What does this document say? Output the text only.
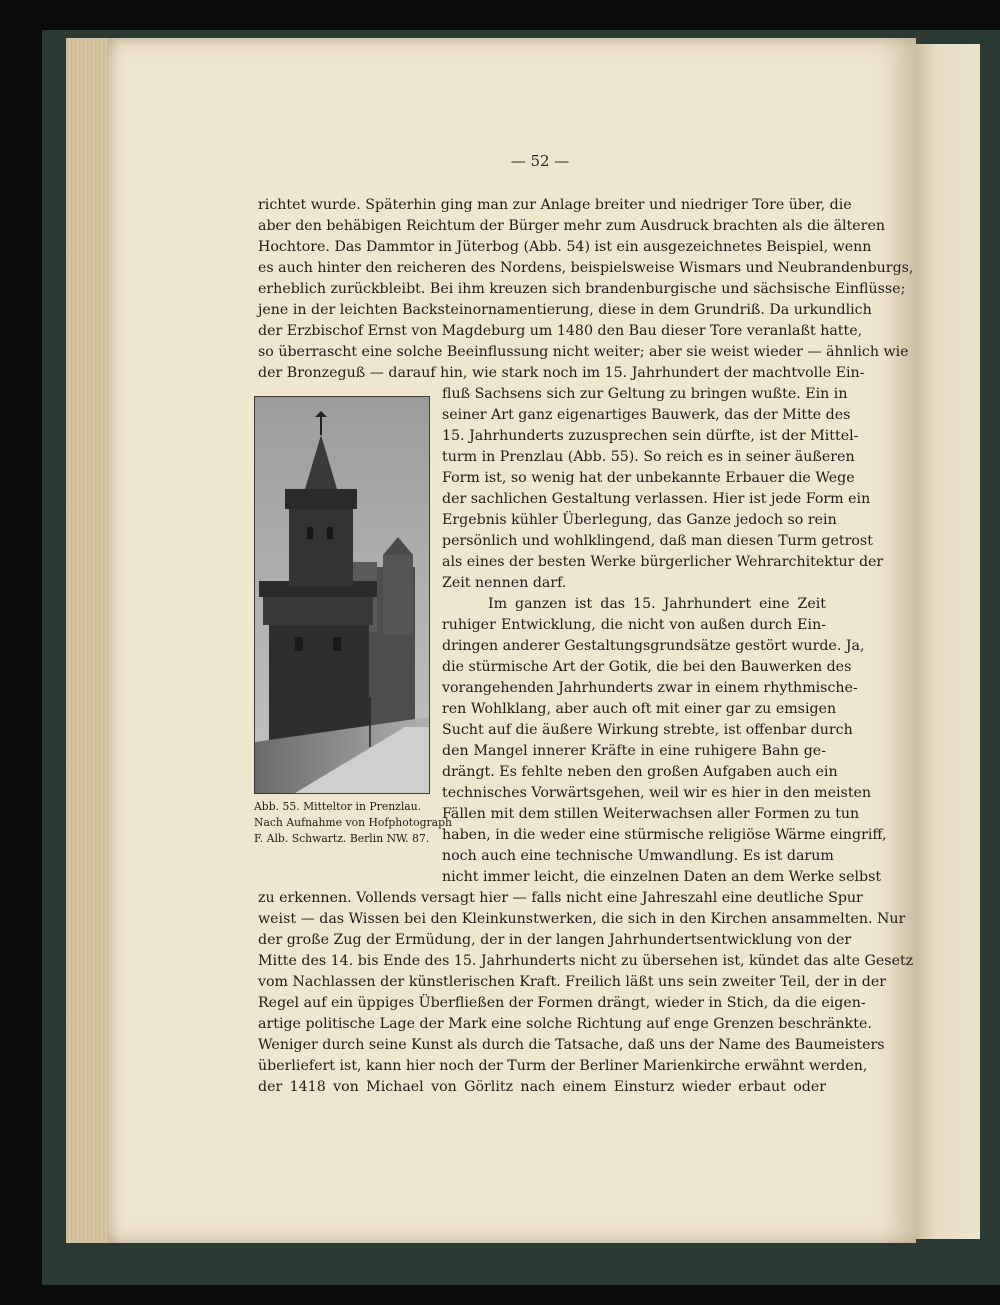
— 52 —
richtet wurde. Späterhin ging man zur Anlage breiter und niedriger Tore über, die
aber den behäbigen Reichtum der Bürger mehr zum Ausdruck brachten als die älteren
Hochtore. Das Dammtor in Jüterbog (Abb. 54) ist ein ausgezeichnetes Beispiel, wenn
es auch hinter den reicheren des Nordens, beispielsweise Wismars und Neubrandenburgs,
erheblich zurückbleibt. Bei ihm kreuzen sich brandenburgische und sächsische Einflüsse;
jene in der leichten Backsteinornamentierung, diese in dem Grundriß. Da urkundlich
der Erzbischof Ernst von Magdeburg um 1480 den Bau dieser Tore veranlaßt hatte,
so überrascht eine solche Beeinflussung nicht weiter; aber sie weist wieder — ähnlich wie
der Bronzeguß — darauf hin, wie stark noch im 15. Jahrhundert der machtvolle Ein-
fluß Sachsens sich zur Geltung zu bringen wußte. Ein in
seiner Art ganz eigenartiges Bauwerk, das der Mitte des
15. Jahrhunderts zuzusprechen sein dürfte, ist der Mittel-
turm in Prenzlau (Abb. 55). So reich es in seiner äußeren
Form ist, so wenig hat der unbekannte Erbauer die Wege
der sachlichen Gestaltung verlassen. Hier ist jede Form ein
Ergebnis kühler Überlegung, das Ganze jedoch so rein
persönlich und wohlklingend, daß man diesen Turm getrost
als eines der besten Werke bürgerlicher Wehrarchitektur der
Zeit nennen darf.
Im ganzen ist das 15. Jahrhundert eine Zeit
ruhiger Entwicklung, die nicht von außen durch Ein-
dringen anderer Gestaltungsgrundsätze gestört wurde. Ja,
die stürmische Art der Gotik, die bei den Bauwerken des
vorangehenden Jahrhunderts zwar in einem rhythmische-
ren Wohlklang, aber auch oft mit einer gar zu emsigen
Sucht auf die äußere Wirkung strebte, ist offenbar durch
den Mangel innerer Kräfte in eine ruhigere Bahn ge-
drängt. Es fehlte neben den großen Aufgaben auch ein
technisches Vorwärtsgehen, weil wir es hier in den meisten
Fällen mit dem stillen Weiterwachsen aller Formen zu tun
haben, in die weder eine stürmische religiöse Wärme eingriff,
noch auch eine technische Umwandlung. Es ist darum
nicht immer leicht, die einzelnen Daten an dem Werke selbst
Abb. 55. Mitteltor in Prenzlau.
Nach Aufnahme von Hofphotograph
F. Alb. Schwartz. Berlin NW. 87.
zu erkennen. Vollends versagt hier — falls nicht eine Jahreszahl eine deutliche Spur
weist — das Wissen bei den Kleinkunstwerken, die sich in den Kirchen ansammelten. Nur
der große Zug der Ermüdung, der in der langen Jahrhundertsentwicklung von der
Mitte des 14. bis Ende des 15. Jahrhunderts nicht zu übersehen ist, kündet das alte Gesetz
vom Nachlassen der künstlerischen Kraft. Freilich läßt uns sein zweiter Teil, der in der
Regel auf ein üppiges Überfließen der Formen drängt, wieder in Stich, da die eigen-
artige politische Lage der Mark eine solche Richtung auf enge Grenzen beschränkte.
Weniger durch seine Kunst als durch die Tatsache, daß uns der Name des Baumeisters
überliefert ist, kann hier noch der Turm der Berliner Marienkirche erwähnt werden,
der 1418 von Michael von Görlitz nach einem Einsturz wieder erbaut oder
